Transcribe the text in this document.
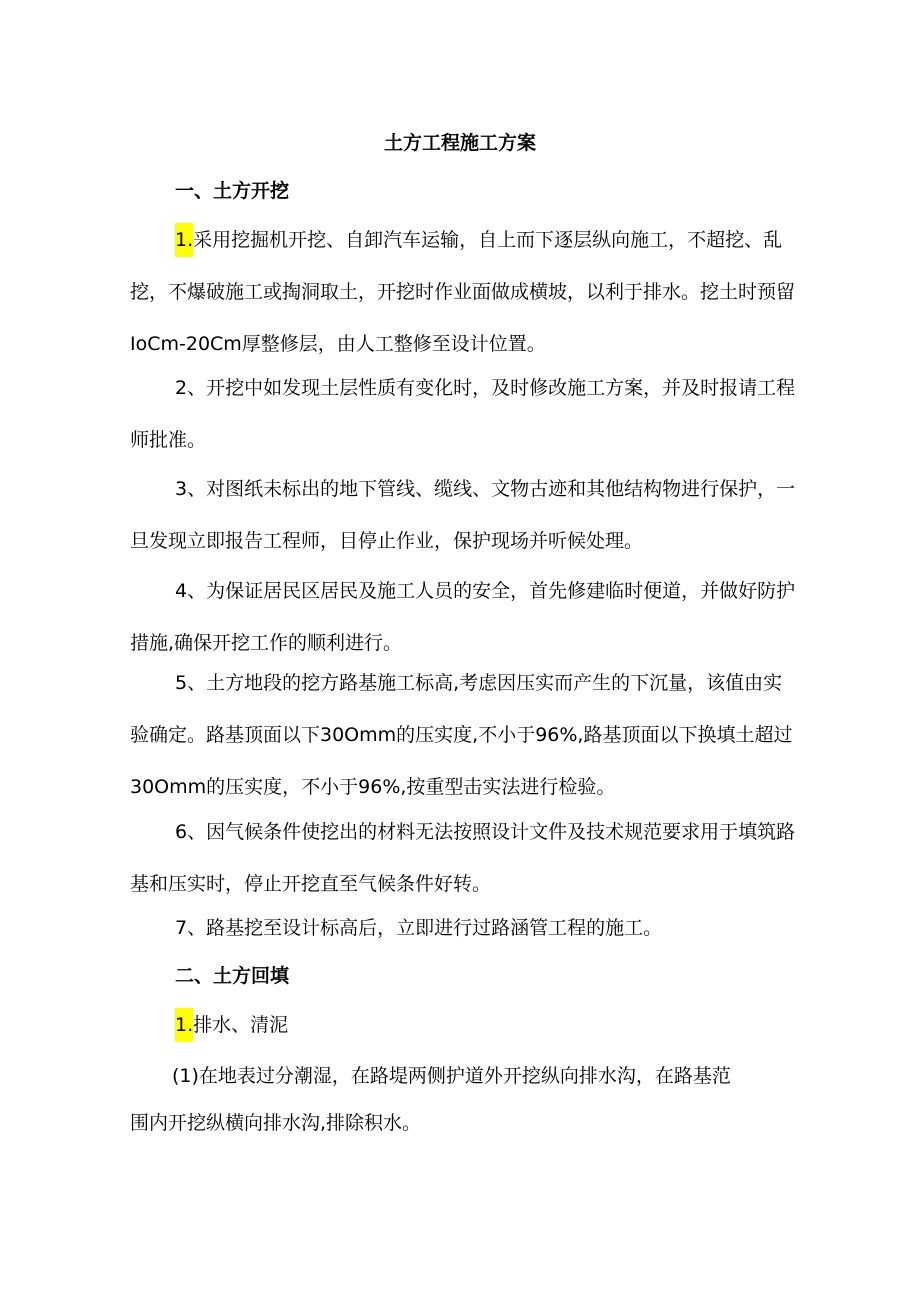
土方工程施工方案
一、土方开挖

1.采用挖掘机开挖、自卸汽车运输，自上而下逐层纵向施工，不超挖、乱挖，不爆破施工或掏洞取土，开挖时作业面做成横坡，以利于排水。挖土时预留IoCm-20Cm厚整修层，由人工整修至设计位置。

2、开挖中如发现土层性质有变化时，及时修改施工方案，并及时报请工程师批准。

3、对图纸未标出的地下管线、缆线、文物古迹和其他结构物进行保护，一旦发现立即报告工程师，目停止作业，保护现场并听候处理。

4、为保证居民区居民及施工人员的安全，首先修建临时便道，并做好防护措施,确保开挖工作的顺利进行。

5、土方地段的挖方路基施工标高,考虑因压实而产生的下沉量，该值由实验确定。路基顶面以下30Omm的压实度,不小于96%,路基顶面以下换填土超过30Omm的压实度，不小于96%,按重型击实法进行检验。

6、因气候条件使挖出的材料无法按照设计文件及技术规范要求用于填筑路基和压实时，停止开挖直至气候条件好转。

7、路基挖至设计标高后，立即进行过路涵管工程的施工。

二、土方回填

1.排水、清泥

(1)在地表过分潮湿，在路堤两侧护道外开挖纵向排水沟，在路基范

围内开挖纵横向排水沟,排除积水。
